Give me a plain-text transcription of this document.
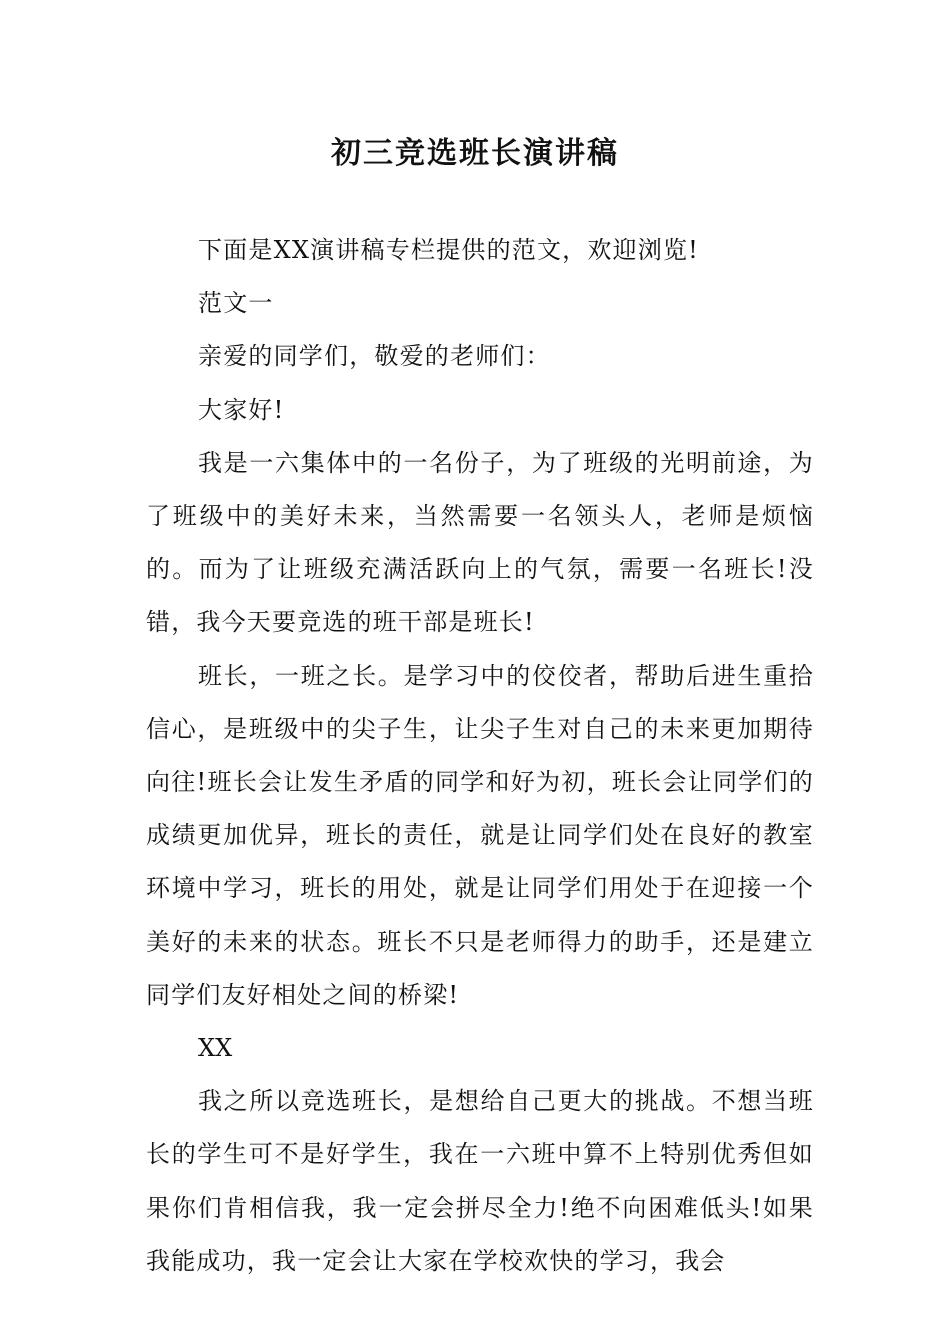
初三竞选班长演讲稿

下面是XX演讲稿专栏提供的范文，欢迎浏览!

范文一

亲爱的同学们，敬爱的老师们：

大家好!

我是一六集体中的一名份子，为了班级的光明前途，为了班级中的美好未来，当然需要一名领头人，老师是烦恼的。而为了让班级充满活跃向上的气氛，需要一名班长!没错，我今天要竞选的班干部是班长!

班长，一班之长。是学习中的佼佼者，帮助后进生重拾信心，是班级中的尖子生，让尖子生对自己的未来更加期待向往!班长会让发生矛盾的同学和好为初，班长会让同学们的成绩更加优异，班长的责任，就是让同学们处在良好的教室环境中学习，班长的用处，就是让同学们用处于在迎接一个美好的未来的状态。班长不只是老师得力的助手，还是建立同学们友好相处之间的桥梁!

XX

我之所以竞选班长，是想给自己更大的挑战。不想当班长的学生可不是好学生，我在一六班中算不上特别优秀但如果你们肯相信我，我一定会拼尽全力!绝不向困难低头!如果我能成功，我一定会让大家在学校欢快的学习，我会
